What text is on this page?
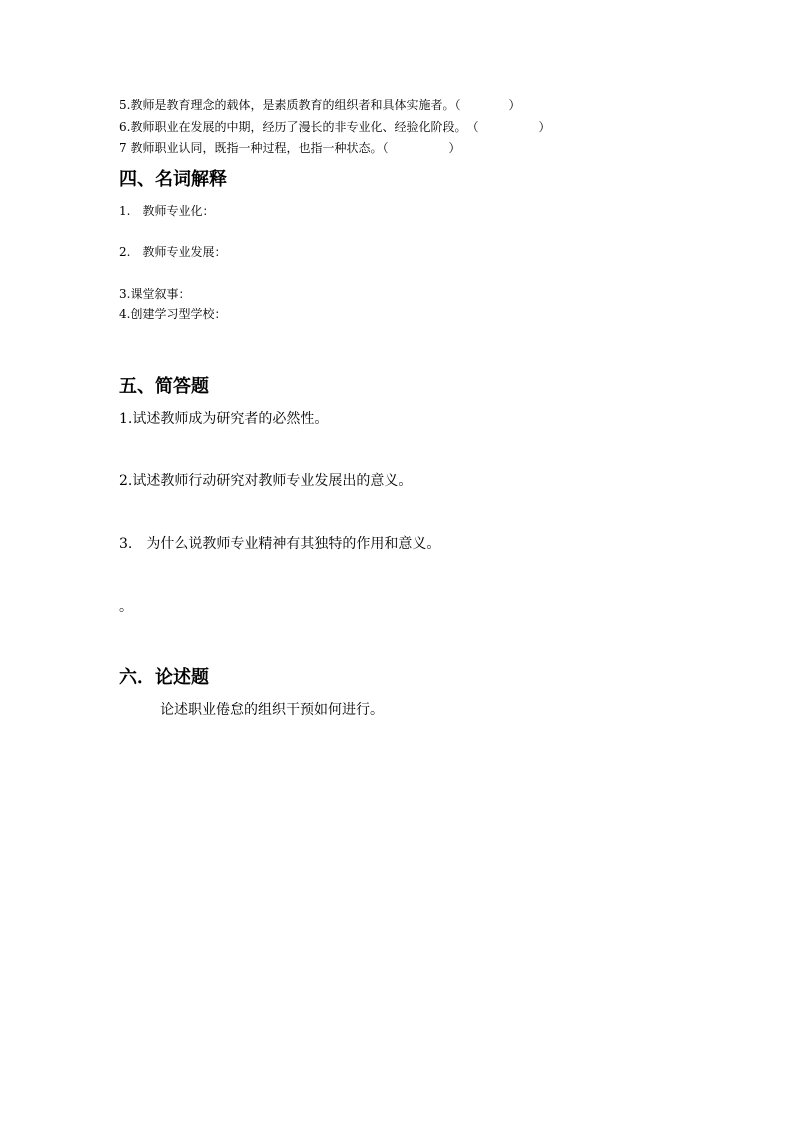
5.教师是教育理念的载体，是素质教育的组织者和具体实施者。（　　　　）
6.教师职业在发展的中期，经历了漫长的非专业化、经验化阶段。　（　　　　　）
7 教师职业认同，既指一种过程，也指一种状态。（　　　　　）
四、名词解释
1.　教师专业化：
2.　教师专业发展：
3.课堂叙事：
4.创建学习型学校：
五、简答题
1.试述教师成为研究者的必然性。
2.试述教师行动研究对教师专业发展出的意义。
3.　为什么说教师专业精神有其独特的作用和意义。
。
六．论述题
论述职业倦怠的组织干预如何进行。
